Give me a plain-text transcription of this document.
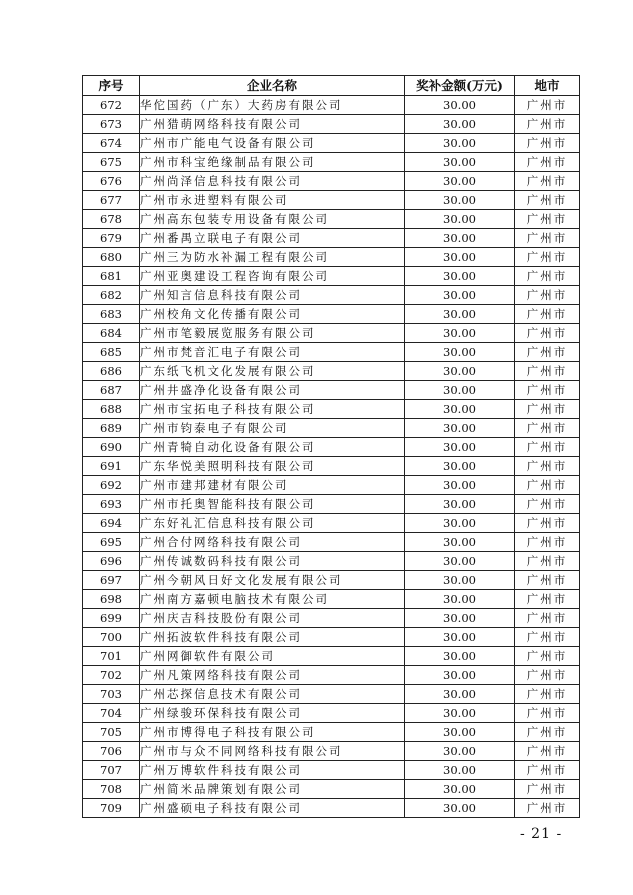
序号	企业名称	奖补金额(万元)	地市
672	华佗国药（广东）大药房有限公司	30.00	广州市
673	广州猎萌网络科技有限公司	30.00	广州市
674	广州市广能电气设备有限公司	30.00	广州市
675	广州市科宝绝缘制品有限公司	30.00	广州市
676	广州尚泽信息科技有限公司	30.00	广州市
677	广州市永进塑料有限公司	30.00	广州市
678	广州高东包装专用设备有限公司	30.00	广州市
679	广州番禺立联电子有限公司	30.00	广州市
680	广州三为防水补漏工程有限公司	30.00	广州市
681	广州亚奥建设工程咨询有限公司	30.00	广州市
682	广州知言信息科技有限公司	30.00	广州市
683	广州校角文化传播有限公司	30.00	广州市
684	广州市笔毅展览服务有限公司	30.00	广州市
685	广州市梵音汇电子有限公司	30.00	广州市
686	广东纸飞机文化发展有限公司	30.00	广州市
687	广州井盛净化设备有限公司	30.00	广州市
688	广州市宝拓电子科技有限公司	30.00	广州市
689	广州市钧泰电子有限公司	30.00	广州市
690	广州青犄自动化设备有限公司	30.00	广州市
691	广东华悦美照明科技有限公司	30.00	广州市
692	广州市建邦建材有限公司	30.00	广州市
693	广州市托奥智能科技有限公司	30.00	广州市
694	广东好礼汇信息科技有限公司	30.00	广州市
695	广州合付网络科技有限公司	30.00	广州市
696	广州传诚数码科技有限公司	30.00	广州市
697	广州今朝风日好文化发展有限公司	30.00	广州市
698	广州南方嘉顿电脑技术有限公司	30.00	广州市
699	广州庆吉科技股份有限公司	30.00	广州市
700	广州拓波软件科技有限公司	30.00	广州市
701	广州网御软件有限公司	30.00	广州市
702	广州凡策网络科技有限公司	30.00	广州市
703	广州芯探信息技术有限公司	30.00	广州市
704	广州绿骏环保科技有限公司	30.00	广州市
705	广州市博得电子科技有限公司	30.00	广州市
706	广州市与众不同网络科技有限公司	30.00	广州市
707	广州万博软件科技有限公司	30.00	广州市
708	广州简米品牌策划有限公司	30.00	广州市
709	广州盛硕电子科技有限公司	30.00	广州市
- 21 -
